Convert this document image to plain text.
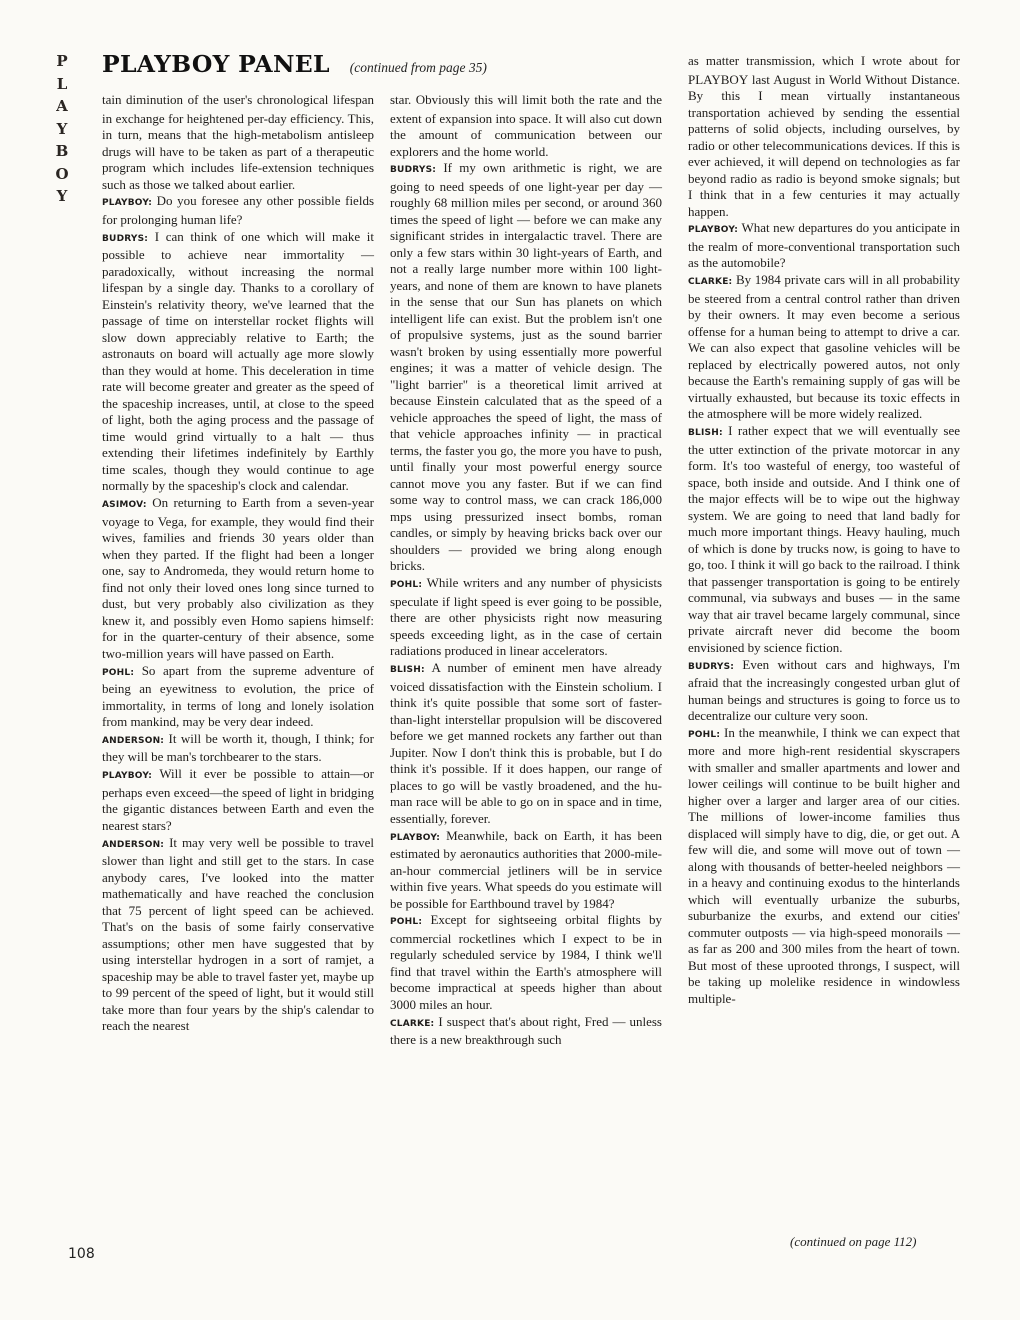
P
L
A
Y
B
O
Y
PLAYBOY PANEL (continued from page 35)

tain diminution of the user's chronological lifespan in exchange for heightened per-day efficiency. This, in turn, means that the high-metabolism antisleep drugs will have to be taken as part of a therapeutic program which includes life-extension techniques such as those we talked about earlier.

PLAYBOY: Do you foresee any other possible fields for prolonging human life?

BUDRYS: I can think of one which will make it possible to achieve near immortality — paradoxically, without increasing the normal lifespan by a single day. Thanks to a corollary of Einstein's relativity theory, we've learned that the passage of time on interstellar rocket flights will slow down appreciably relative to Earth; the astronauts on board will actually age more slowly than they would at home. This deceleration in time rate will become greater and greater as the speed of the spaceship increases, until, at close to the speed of light, both the aging process and the passage of time would grind virtually to a halt — thus extending their lifetimes indefinitely by Earthly time scales, though they would continue to age normally by the spaceship's clock and calendar.

ASIMOV: On returning to Earth from a seven-year voyage to Vega, for example, they would find their wives, families and friends 30 years older than when they parted. If the flight had been a longer one, say to Andromeda, they would return home to find not only their loved ones long since turned to dust, but very probably also civilization as they knew it, and possibly even Homo sapiens himself: for in the quarter-century of their absence, some two-million years will have passed on Earth.

POHL: So apart from the supreme adventure of being an eyewitness to evolution, the price of immortality, in terms of long and lonely isolation from mankind, may be very dear indeed.

ANDERSON: It will be worth it, though, I think; for they will be man's torchbearer to the stars.

PLAYBOY: Will it ever be possible to attain—or perhaps even exceed—the speed of light in bridging the gigantic distances between Earth and even the nearest stars?

ANDERSON: It may very well be possible to travel slower than light and still get to the stars. In case anybody cares, I've looked into the matter mathematically and have reached the conclusion that 75 percent of light speed can be achieved. That's on the basis of some fairly conservative assumptions; other men have suggested that by using interstellar hydrogen in a sort of ramjet, a spaceship may be able to travel faster yet, maybe up to 99 percent of the speed of light, but it would still take more than four years by the ship's calendar to reach the nearest

star. Obviously this will limit both the rate and the extent of expansion into space. It will also cut down the amount of communication between our explorers and the home world.

BUDRYS: If my own arithmetic is right, we are going to need speeds of one light-year per day — roughly 68 million miles per second, or around 360 times the speed of light — before we can make any significant strides in intergalactic travel. There are only a few stars within 30 light-years of Earth, and not a really large number more within 100 light-years, and none of them are known to have planets in the sense that our Sun has planets on which intelligent life can exist. But the problem isn't one of propulsive systems, just as the sound barrier wasn't broken by using essentially more powerful engines; it was a matter of vehicle design. The "light barrier" is a theoretical limit arrived at because Einstein calculated that as the speed of a vehicle approaches the speed of light, the mass of that vehicle approaches infinity — in practical terms, the faster you go, the more you have to push, until finally your most powerful energy source cannot move you any faster. But if we can find some way to control mass, we can crack 186,000 mps using pressurized insect bombs, roman candles, or simply by heaving bricks back over our shoulders — provided we bring along enough bricks.

POHL: While writers and any number of physicists speculate if light speed is ever going to be possible, there are other physicists right now measuring speeds exceeding light, as in the case of certain radiations produced in linear accelerators.

BLISH: A number of eminent men have already voiced dissatisfaction with the Einstein scholium. I think it's quite possible that some sort of faster-than-light interstellar propulsion will be discovered before we get manned rockets any farther out than Jupiter. Now I don't think this is probable, but I do think it's possible. If it does happen, our range of places to go will be vastly broadened, and the human race will be able to go on in space and in time, essentially, forever.

PLAYBOY: Meanwhile, back on Earth, it has been estimated by aeronautics authorities that 2000-mile-an-hour commercial jetliners will be in service within five years. What speeds do you estimate will be possible for Earthbound travel by 1984?

POHL: Except for sightseeing orbital flights by commercial rocketlines which I expect to be in regularly scheduled service by 1984, I think we'll find that travel within the Earth's atmosphere will become impractical at speeds higher than about 3000 miles an hour.

CLARKE: I suspect that's about right, Fred — unless there is a new breakthrough such

as matter transmission, which I wrote about for PLAYBOY last August in World Without Distance. By this I mean virtually instantaneous transportation achieved by sending the essential patterns of solid objects, including ourselves, by radio or other telecommunications devices. If this is ever achieved, it will depend on technologies as far beyond radio as radio is beyond smoke signals; but I think that in a few centuries it may actually happen.

PLAYBOY: What new departures do you anticipate in the realm of more-conventional transportation such as the automobile?

CLARKE: By 1984 private cars will in all probability be steered from a central control rather than driven by their owners. It may even become a serious offense for a human being to attempt to drive a car. We can also expect that gasoline vehicles will be replaced by electrically powered autos, not only because the Earth's remaining supply of gas will be virtually exhausted, but because its toxic effects in the atmosphere will be more widely realized.

BLISH: I rather expect that we will eventually see the utter extinction of the private motorcar in any form. It's too wasteful of energy, too wasteful of space, both inside and outside. And I think one of the major effects will be to wipe out the highway system. We are going to need that land badly for much more important things. Heavy hauling, much of which is done by trucks now, is going to have to go, too. I think it will go back to the railroad. I think that passenger transportation is going to be entirely communal, via subways and buses — in the same way that air travel became largely communal, since private aircraft never did become the boom envisioned by science fiction.

BUDRYS: Even without cars and highways, I'm afraid that the increasingly congested urban glut of human beings and structures is going to force us to decentralize our culture very soon.

POHL: In the meanwhile, I think we can expect that more and more high-rent residential skyscrapers with smaller and smaller apartments and lower and lower ceilings will continue to be built higher and higher over a larger and larger area of our cities. The millions of lower-income families thus displaced will simply have to dig, die, or get out. A few will die, and some will move out of town — along with thousands of better-heeled neighbors — in a heavy and continuing exodus to the hinterlands which will eventually urbanize the suburbs, suburbanize the exurbs, and extend our cities' commuter outposts — via high-speed monorails — as far as 200 and 300 miles from the heart of town. But most of these uprooted throngs, I suspect, will be taking up molelike residence in windowless multiple-

108
(continued on page 112)
